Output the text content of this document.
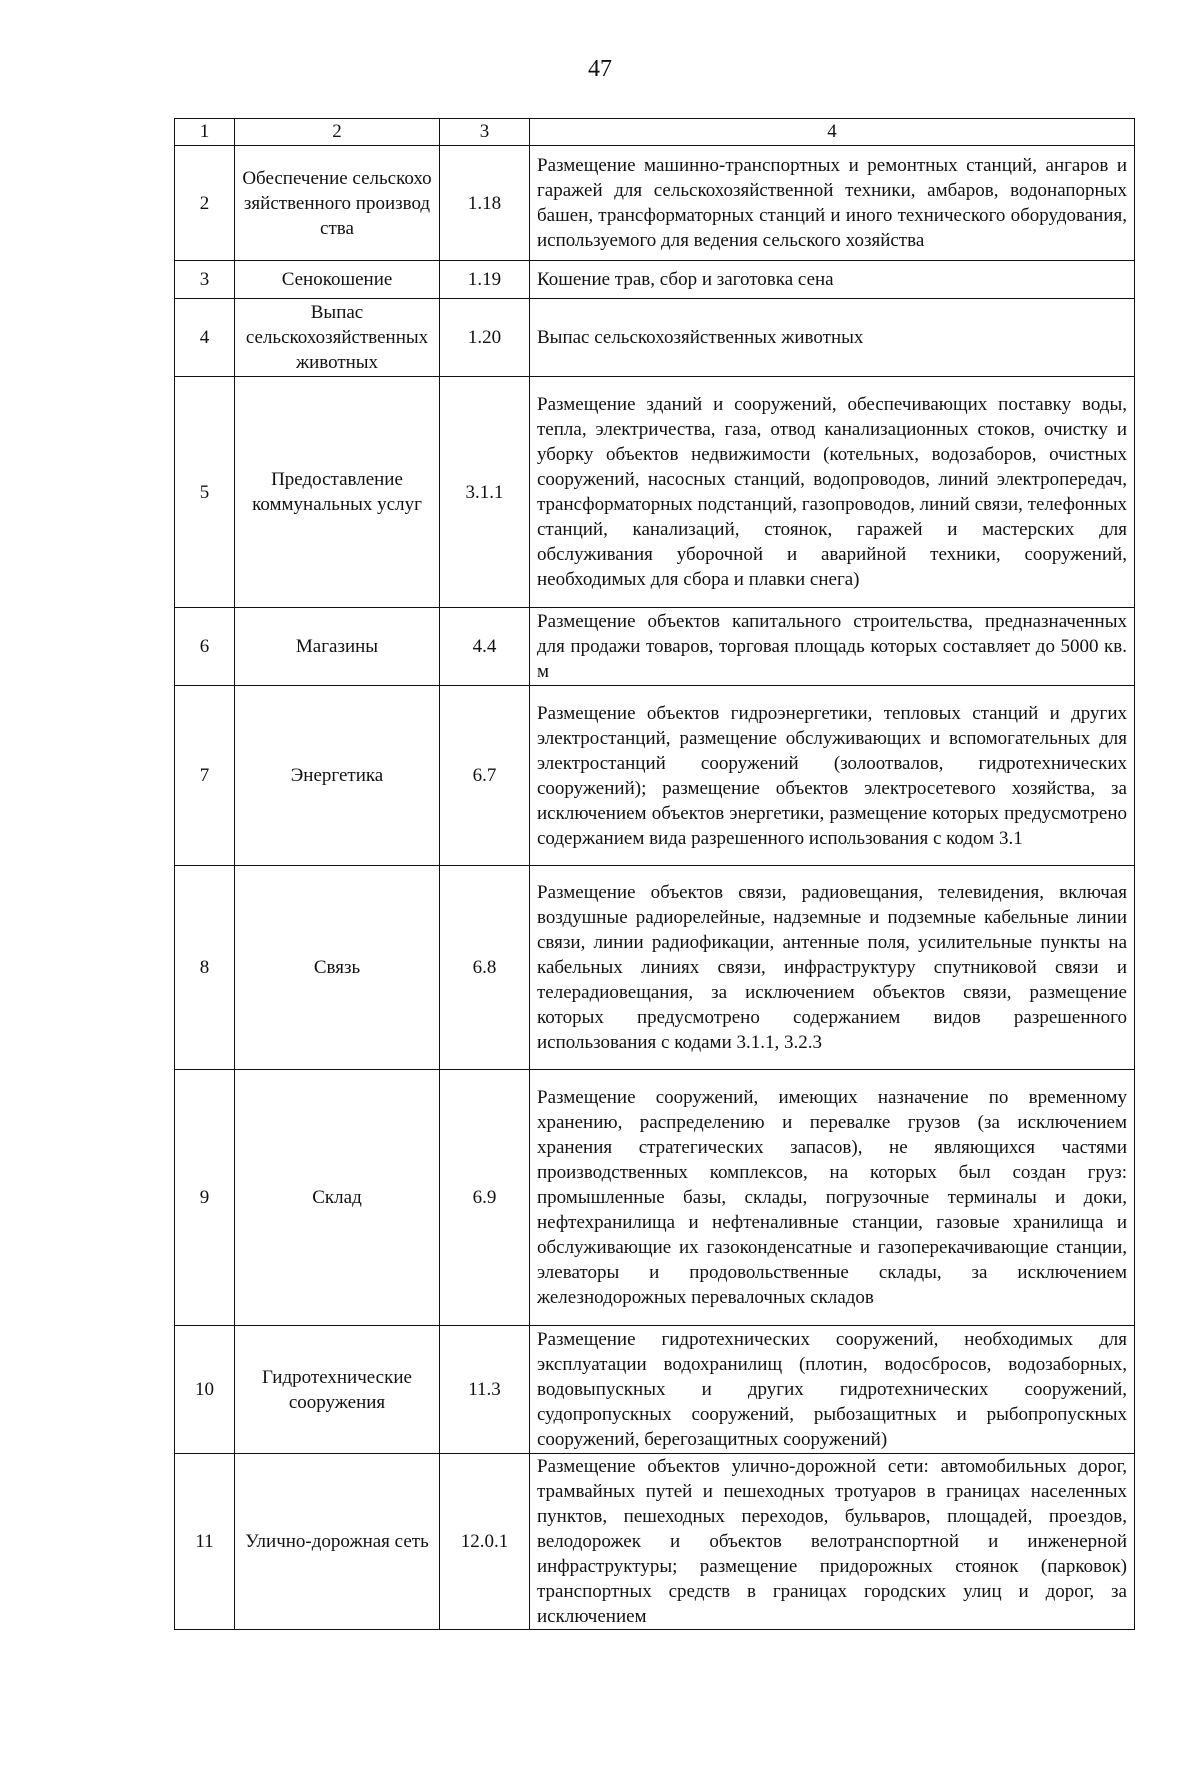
47
1	2	3	4
2	Обеспечение сельскохозяйственного производства	1.18	Размещение машинно-транспортных и ремонтных станций, ангаров и гаражей для сельскохозяйственной техники, амбаров, водонапорных башен, трансформаторных станций и иного технического оборудования, используемого для ведения сельского хозяйства
3	Сенокошение	1.19	Кошение трав, сбор и заготовка сена
4	Выпас сельскохозяйственных животных	1.20	Выпас сельскохозяйственных животных
5	Предоставление коммунальных услуг	3.1.1	Размещение зданий и сооружений, обеспечивающих поставку воды, тепла, электричества, газа, отвод канализационных стоков, очистку и уборку объектов недвижимости (котельных, водозаборов, очистных сооружений, насосных станций, водопроводов, линий электропередач, трансформаторных подстанций, газопроводов, линий связи, телефонных станций, канализаций, стоянок, гаражей и мастерских для обслуживания уборочной и аварийной техники, сооружений, необходимых для сбора и плавки снега)
6	Магазины	4.4	Размещение объектов капитального строительства, предназначенных для продажи товаров, торговая площадь которых составляет до 5000 кв. м
7	Энергетика	6.7	Размещение объектов гидроэнергетики, тепловых станций и других электростанций, размещение обслуживающих и вспомогательных для электростанций сооружений (золоотвалов, гидротехнических сооружений); размещение объектов электросетевого хозяйства, за исключением объектов энергетики, размещение которых предусмотрено содержанием вида разрешенного использования с кодом 3.1
8	Связь	6.8	Размещение объектов связи, радиовещания, телевидения, включая воздушные радиорелейные, надземные и подземные кабельные линии связи, линии радиофикации, антенные поля, усилительные пункты на кабельных линиях связи, инфраструктуру спутниковой связи и телерадиовещания, за исключением объектов связи, размещение которых предусмотрено содержанием видов разрешенного использования с кодами 3.1.1, 3.2.3
9	Склад	6.9	Размещение сооружений, имеющих назначение по временному хранению, распределению и перевалке грузов (за исключением хранения стратегических запасов), не являющихся частями производственных комплексов, на которых был создан груз: промышленные базы, склады, погрузочные терминалы и доки, нефтехранилища и нефтеналивные станции, газовые хранилища и обслуживающие их газоконденсатные и газоперекачивающие станции, элеваторы и продовольственные склады, за исключением железнодорожных перевалочных складов
10	Гидротехнические сооружения	11.3	Размещение гидротехнических сооружений, необходимых для эксплуатации водохранилищ (плотин, водосбросов, водозаборных, водовыпускных и других гидротехнических сооружений, судопропускных сооружений, рыбозащитных и рыбопропускных сооружений, берегозащитных сооружений)
11	Улично-дорожная сеть	12.0.1	Размещение объектов улично-дорожной сети: автомобильных дорог, трамвайных путей и пешеходных тротуаров в границах населенных пунктов, пешеходных переходов, бульваров, площадей, проездов, велодорожек и объектов велотранспортной и инженерной инфраструктуры; размещение придорожных стоянок (парковок) транспортных средств в границах городских улиц и дорог, за исключением
